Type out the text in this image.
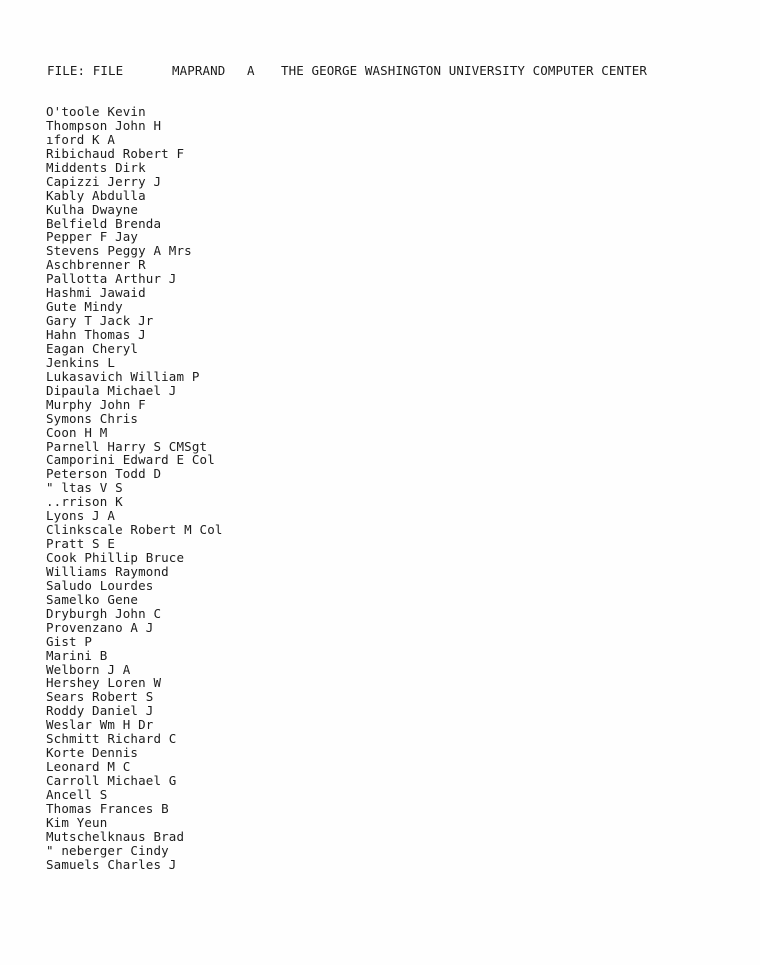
FILE: FILE	MAPRAND A THE GEORGE WASHINGTON UNIVERSITY COMPUTER CENTER
O'toole Kevin
Thompson John H
ıford K A
Ribichaud Robert F
Middents Dirk
Capizzi Jerry J
Kably Abdulla
Kulha Dwayne
Belfield Brenda
Pepper F Jay
Stevens Peggy A Mrs
Aschbrenner R
Pallotta Arthur J
Hashmi Jawaid
Gute Mindy
Gary T Jack Jr
Hahn Thomas J
Eagan Cheryl
Jenkins L
Lukasavich William P
Dipaula Michael J
Murphy John F
Symons Chris
Coon H M
Parnell Harry S CMSgt
Camporini Edward E Col
Peterson Todd D
" ltas V S
..rrison K
Lyons J A
Clinkscale Robert M Col
Pratt S E
Cook Phillip Bruce
Williams Raymond
Saludo Lourdes
Samelko Gene
Dryburgh John C
Provenzano A J
Gist P
Marini B
Welborn J A
Hershey Loren W
Sears Robert S
Roddy Daniel J
Weslar Wm H Dr
Schmitt Richard C
Korte Dennis
Leonard M C
Carroll Michael G
Ancell S
Thomas Frances B
Kim Yeun
Mutschelknaus Brad
" neberger Cindy
Samuels Charles J
